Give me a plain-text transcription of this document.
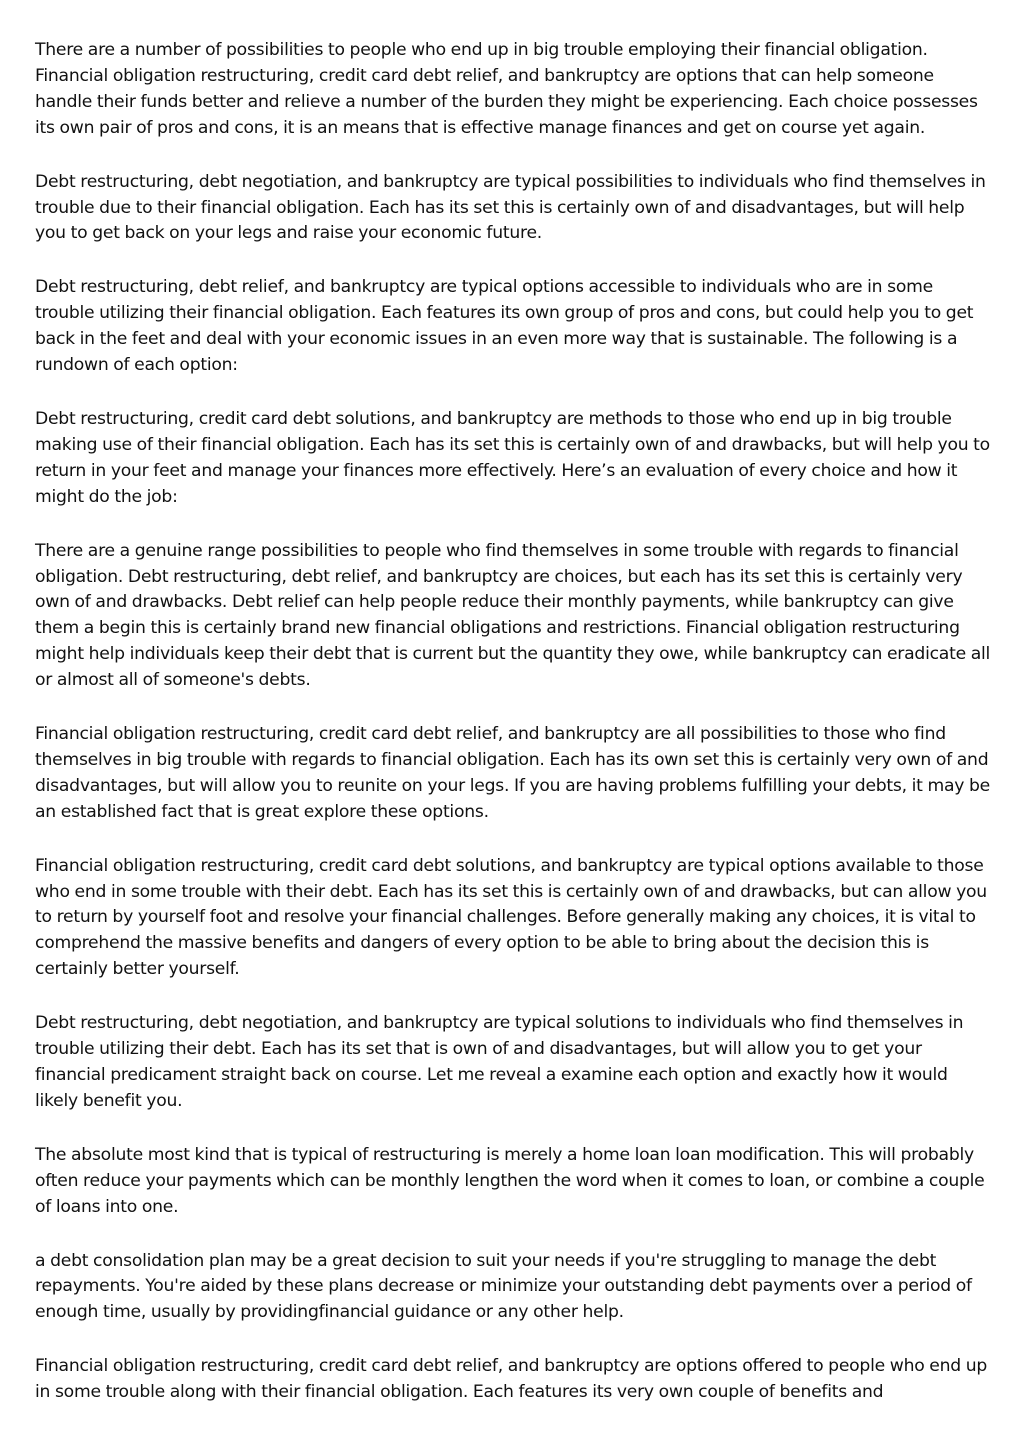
There are a number of possibilities to people who end up in big trouble employing their financial obligation. Financial obligation restructuring, credit card debt relief, and bankruptcy are options that can help someone handle their funds better and relieve a number of the burden they might be experiencing. Each choice possesses its own pair of pros and cons, it is an means that is effective manage finances and get on course yet again.

Debt restructuring, debt negotiation, and bankruptcy are typical possibilities to individuals who find themselves in trouble due to their financial obligation. Each has its set this is certainly own of and disadvantages, but will help you to get back on your legs and raise your economic future.

Debt restructuring, debt relief, and bankruptcy are typical options accessible to individuals who are in some trouble utilizing their financial obligation. Each features its own group of pros and cons, but could help you to get back in the feet and deal with your economic issues in an even more way that is sustainable. The following is a rundown of each option:

Debt restructuring, credit card debt solutions, and bankruptcy are methods to those who end up in big trouble making use of their financial obligation. Each has its set this is certainly own of and drawbacks, but will help you to return in your feet and manage your finances more effectively. Here’s an evaluation of every choice and how it might do the job:

There are a genuine range possibilities to people who find themselves in some trouble with regards to financial obligation. Debt restructuring, debt relief, and bankruptcy are choices, but each has its set this is certainly very own of and drawbacks. Debt relief can help people reduce their monthly payments, while bankruptcy can give them a begin this is certainly brand new financial obligations and restrictions. Financial obligation restructuring might help individuals keep their debt that is current but the quantity they owe, while bankruptcy can eradicate all or almost all of someone's debts.

Financial obligation restructuring, credit card debt relief, and bankruptcy are all possibilities to those who find themselves in big trouble with regards to financial obligation. Each has its own set this is certainly very own of and disadvantages, but will allow you to reunite on your legs. If you are having problems fulfilling your debts, it may be an established fact that is great explore these options.

Financial obligation restructuring, credit card debt solutions, and bankruptcy are typical options available to those who end in some trouble with their debt. Each has its set this is certainly own of and drawbacks, but can allow you to return by yourself foot and resolve your financial challenges. Before generally making any choices, it is vital to comprehend the massive benefits and dangers of every option to be able to bring about the decision this is certainly better yourself.

Debt restructuring, debt negotiation, and bankruptcy are typical solutions to individuals who find themselves in trouble utilizing their debt. Each has its set that is own of and disadvantages, but will allow you to get your financial predicament straight back on course. Let me reveal a examine each option and exactly how it would likely benefit you.

The absolute most kind that is typical of restructuring is merely a home loan loan modification. This will probably often reduce your payments which can be monthly lengthen the word when it comes to loan, or combine a couple of loans into one.

a debt consolidation plan may be a great decision to suit your needs if you're struggling to manage the debt repayments. You're aided by these plans decrease or minimize your outstanding debt payments over a period of enough time, usually by providingfinancial guidance or any other help.

Financial obligation restructuring, credit card debt relief, and bankruptcy are options offered to people who end up in some trouble along with their financial obligation. Each features its very own couple of benefits and
